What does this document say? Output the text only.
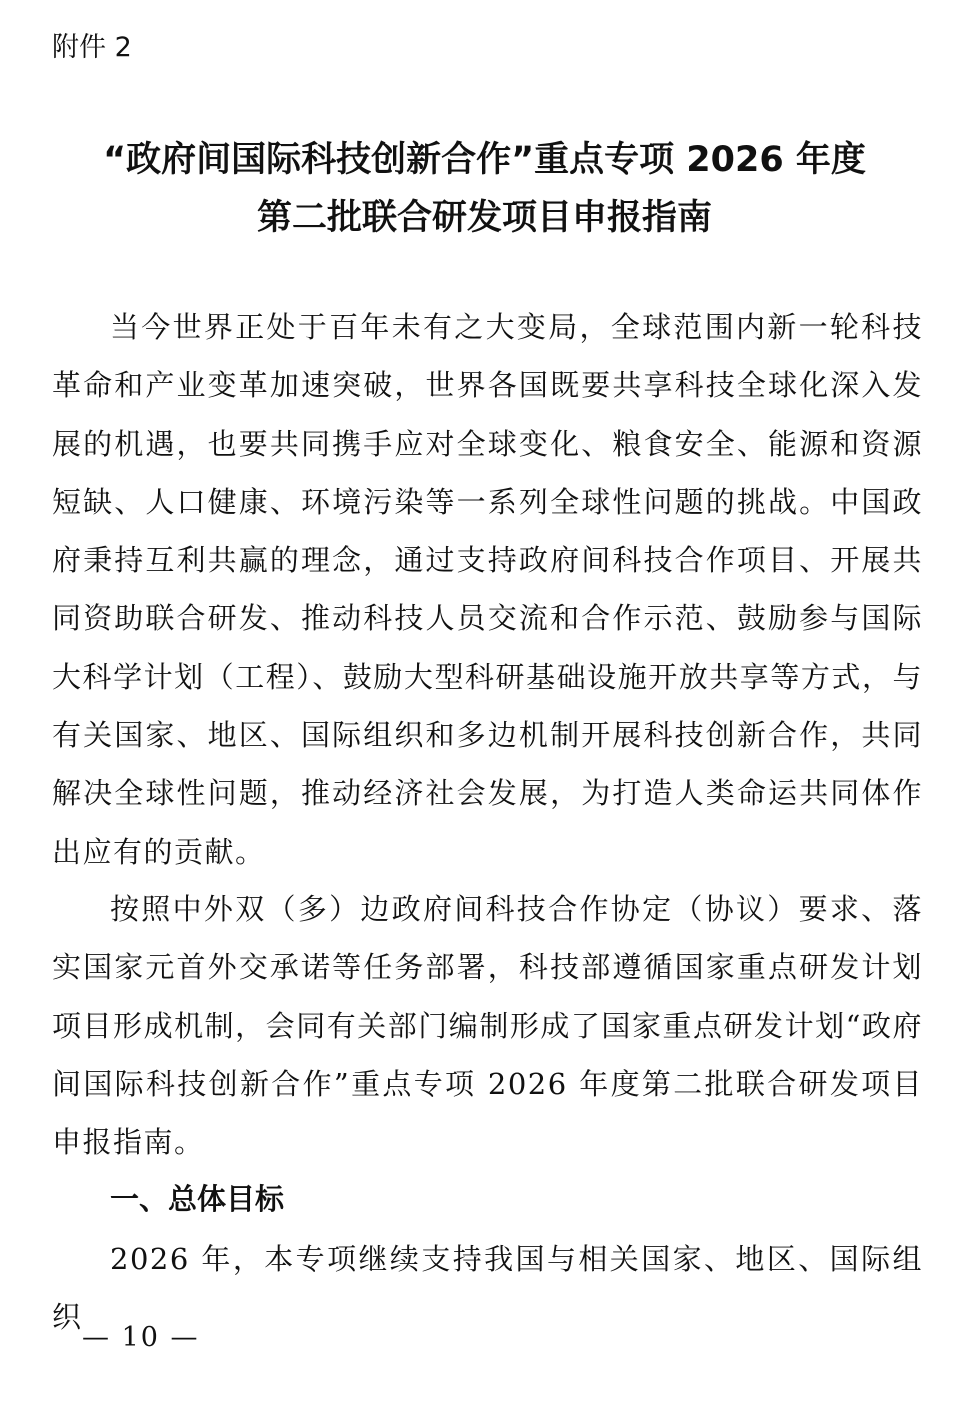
附件 2
“政府间国际科技创新合作”重点专项 2026 年度
第二批联合研发项目申报指南

当今世界正处于百年未有之大变局，全球范围内新一轮科技革命和产业变革加速突破，世界各国既要共享科技全球化深入发展的机遇，也要共同携手应对全球变化、粮食安全、能源和资源短缺、人口健康、环境污染等一系列全球性问题的挑战。中国政府秉持互利共赢的理念，通过支持政府间科技合作项目、开展共同资助联合研发、推动科技人员交流和合作示范、鼓励参与国际大科学计划（工程）、鼓励大型科研基础设施开放共享等方式，与有关国家、地区、国际组织和多边机制开展科技创新合作，共同解决全球性问题，推动经济社会发展，为打造人类命运共同体作出应有的贡献。

按照中外双（多）边政府间科技合作协定（协议）要求、落实国家元首外交承诺等任务部署，科技部遵循国家重点研发计划项目形成机制，会同有关部门编制形成了国家重点研发计划“政府间国际科技创新合作”重点专项 2026 年度第二批联合研发项目申报指南。

一、总体目标

2026 年，本专项继续支持我国与相关国家、地区、国际组织

— 10 —
